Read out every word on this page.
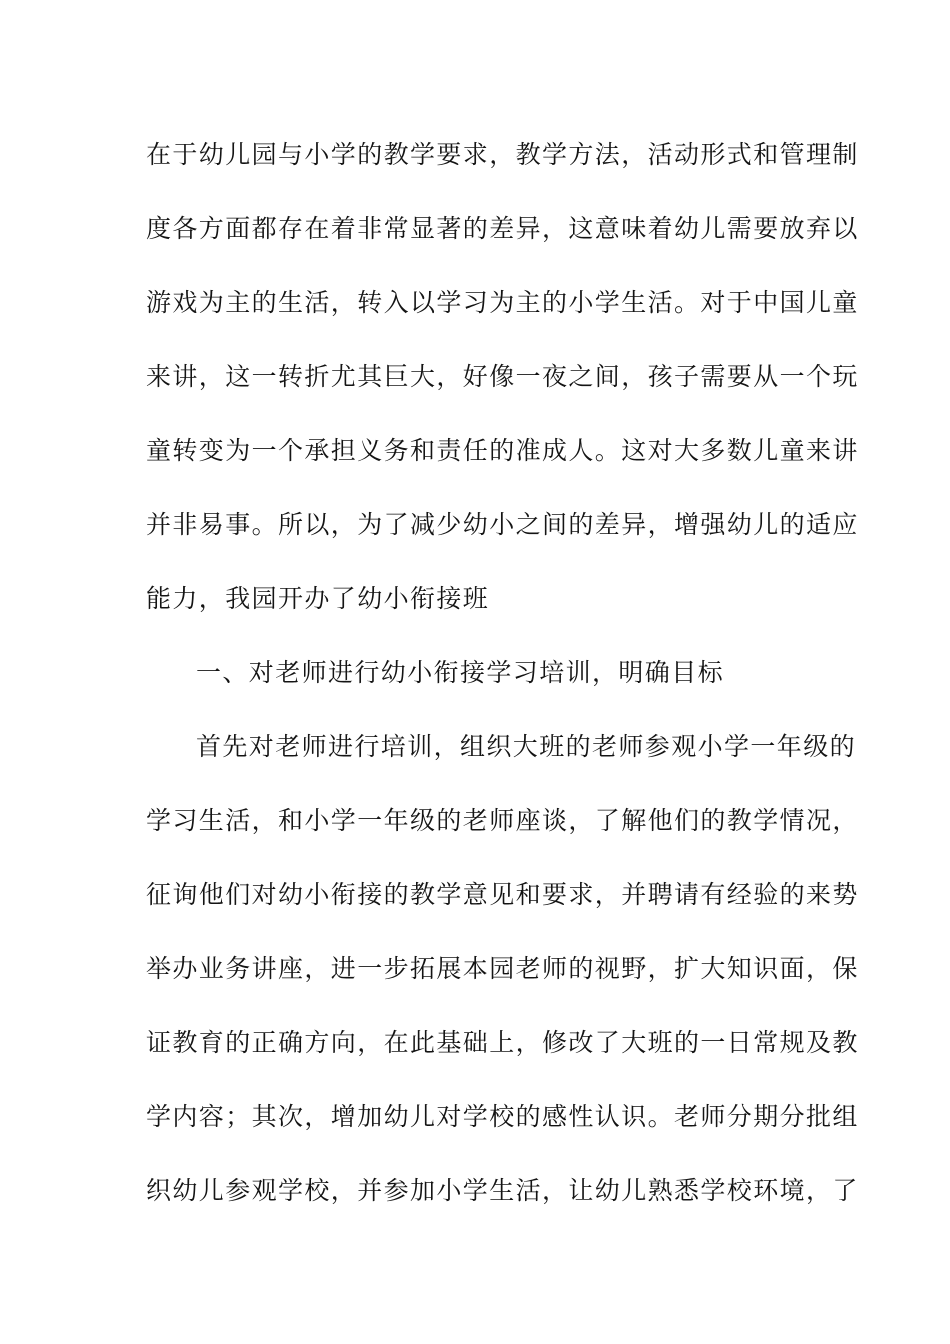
在于幼儿园与小学的教学要求，教学方法，活动形式和管理制
度各方面都存在着非常显著的差异，这意味着幼儿需要放弃以
游戏为主的生活，转入以学习为主的小学生活。对于中国儿童
来讲，这一转折尤其巨大，好像一夜之间，孩子需要从一个玩
童转变为一个承担义务和责任的准成人。这对大多数儿童来讲
并非易事。所以，为了减少幼小之间的差异，增强幼儿的适应
能力，我园开办了幼小衔接班
一、对老师进行幼小衔接学习培训，明确目标
首先对老师进行培训，组织大班的老师参观小学一年级的
学习生活，和小学一年级的老师座谈，了解他们的教学情况，
征询他们对幼小衔接的教学意见和要求，并聘请有经验的来势
举办业务讲座，进一步拓展本园老师的视野，扩大知识面，保
证教育的正确方向，在此基础上，修改了大班的一日常规及教
学内容；其次，增加幼儿对学校的感性认识。老师分期分批组
织幼儿参观学校，并参加小学生活，让幼儿熟悉学校环境，了
